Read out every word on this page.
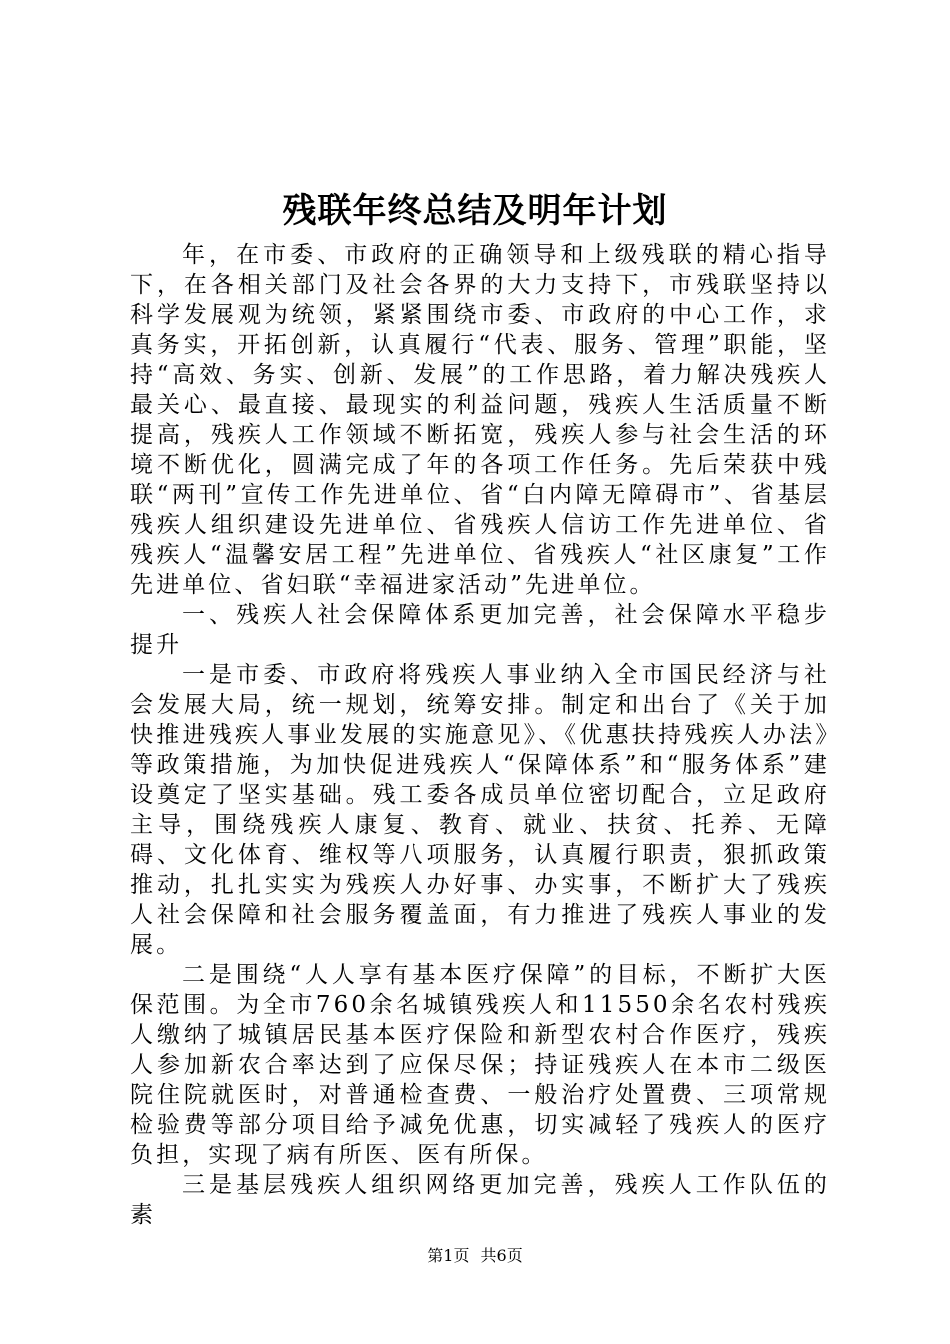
残联年终总结及明年计划

年，在市委、市政府的正确领导和上级残联的精心指导下，在各相关部门及社会各界的大力支持下，市残联坚持以科学发展观为统领，紧紧围绕市委、市政府的中心工作，求真务实，开拓创新，认真履行“代表、服务、管理”职能，坚持“高效、务实、创新、发展”的工作思路，着力解决残疾人最关心、最直接、最现实的利益问题，残疾人生活质量不断提高，残疾人工作领域不断拓宽，残疾人参与社会生活的环境不断优化，圆满完成了年的各项工作任务。先后荣获中残联“两刊”宣传工作先进单位、省“白内障无障碍市”、省基层残疾人组织建设先进单位、省残疾人信访工作先进单位、省残疾人“温馨安居工程”先进单位、省残疾人“社区康复”工作先进单位、省妇联“幸福进家活动”先进单位。

一、残疾人社会保障体系更加完善，社会保障水平稳步提升

一是市委、市政府将残疾人事业纳入全市国民经济与社会发展大局，统一规划，统筹安排。制定和出台了《关于加快推进残疾人事业发展的实施意见》、《优惠扶持残疾人办法》等政策措施，为加快促进残疾人“保障体系”和“服务体系”建设奠定了坚实基础。残工委各成员单位密切配合，立足政府主导，围绕残疾人康复、教育、就业、扶贫、托养、无障碍、文化体育、维权等八项服务，认真履行职责，狠抓政策推动，扎扎实实为残疾人办好事、办实事，不断扩大了残疾人社会保障和社会服务覆盖面，有力推进了残疾人事业的发展。

二是围绕“人人享有基本医疗保障”的目标，不断扩大医保范围。为全市760余名城镇残疾人和11550余名农村残疾人缴纳了城镇居民基本医疗保险和新型农村合作医疗，残疾人参加新农合率达到了应保尽保；持证残疾人在本市二级医院住院就医时，对普通检查费、一般治疗处置费、三项常规检验费等部分项目给予减免优惠，切实减轻了残疾人的医疗负担，实现了病有所医、医有所保。

三是基层残疾人组织网络更加完善，残疾人工作队伍的素

第1页 共6页
